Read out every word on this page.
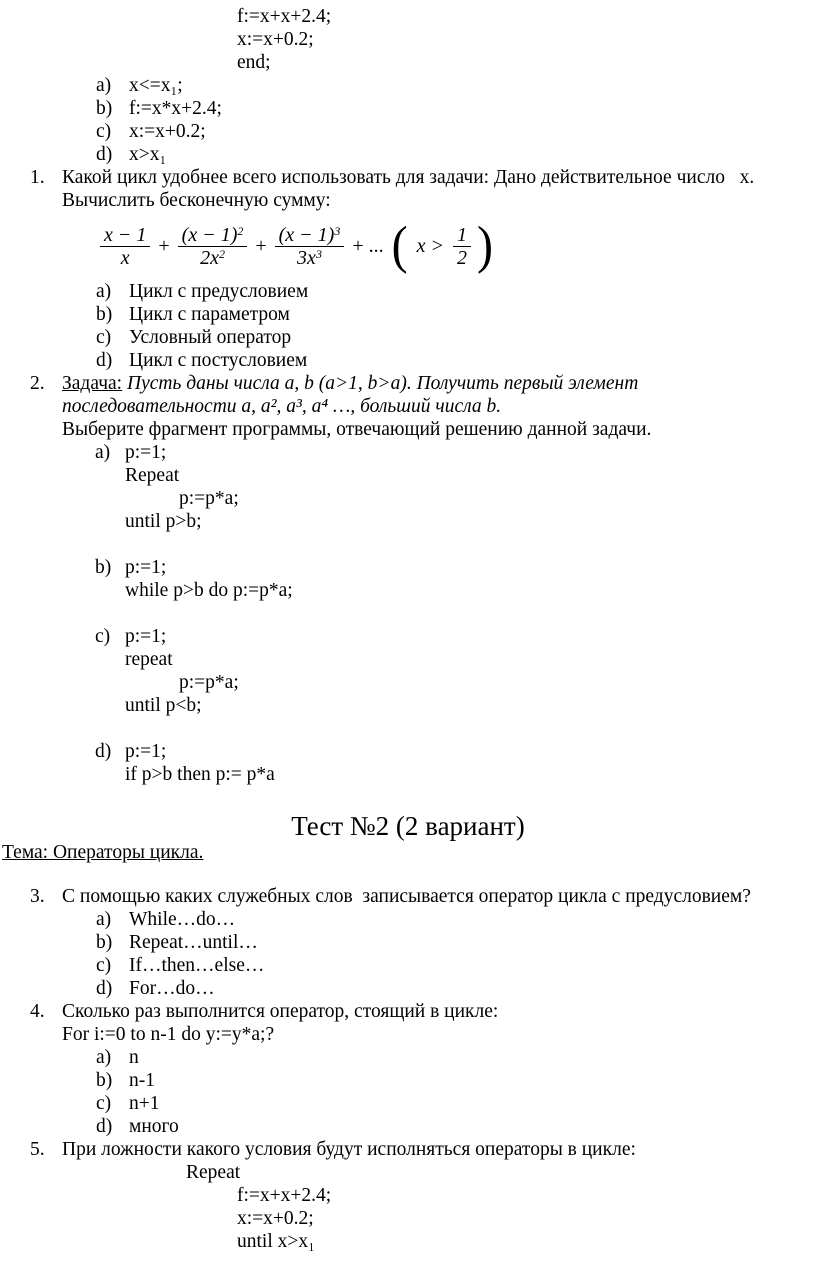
f:=x+x+2.4;
x:=x+0.2;
end;
a) x<=x₁;
b) f:=x*x+2.4;
c) x:=x+0.2;
d) x>x₁
1. Какой цикл удобнее всего использовать для задачи: Дано действительное число   x.
Вычислить бесконечную сумму:
$\frac{x - 1}{x} + \frac{(x - 1)^2}{2x^2} + \frac{(x - 1)^3}{3x^3}$ + ... ( $x > \frac{1}{2}$ )
a) Цикл с предусловием
b) Цикл с параметром
c) Условный оператор
d) Цикл с постусловием
2. Задача: Пусть даны числа a, b (a>1, b>a). Получить первый элемент
последовательности a, a², a³, a⁴ …, больший числа b.
Выберите фрагмент программы, отвечающий решению данной задачи.
a) p:=1;
Repeat
p:=p*a;
until p>b;
b) p:=1;
while p>b do p:=p*a;
c) p:=1;
repeat
p:=p*a;
until p<b;
d) p:=1;
if p>b then p:= p*a
Тест №2 (2 вариант)
Тема: Операторы цикла.
3. С помощью каких служебных слов  записывается оператор цикла с предусловием?
a) While…do…
b) Repeat…until…
c) If…then…else…
d) For…do…
4. Сколько раз выполнится оператор, стоящий в цикле:
For i:=0 to n-1 do y:=y*a;?
a) n
b) n-1
c) n+1
d) много
5. При ложности какого условия будут исполняться операторы в цикле:
Repeat
f:=x+x+2.4;
x:=x+0.2;
until x>x₁
